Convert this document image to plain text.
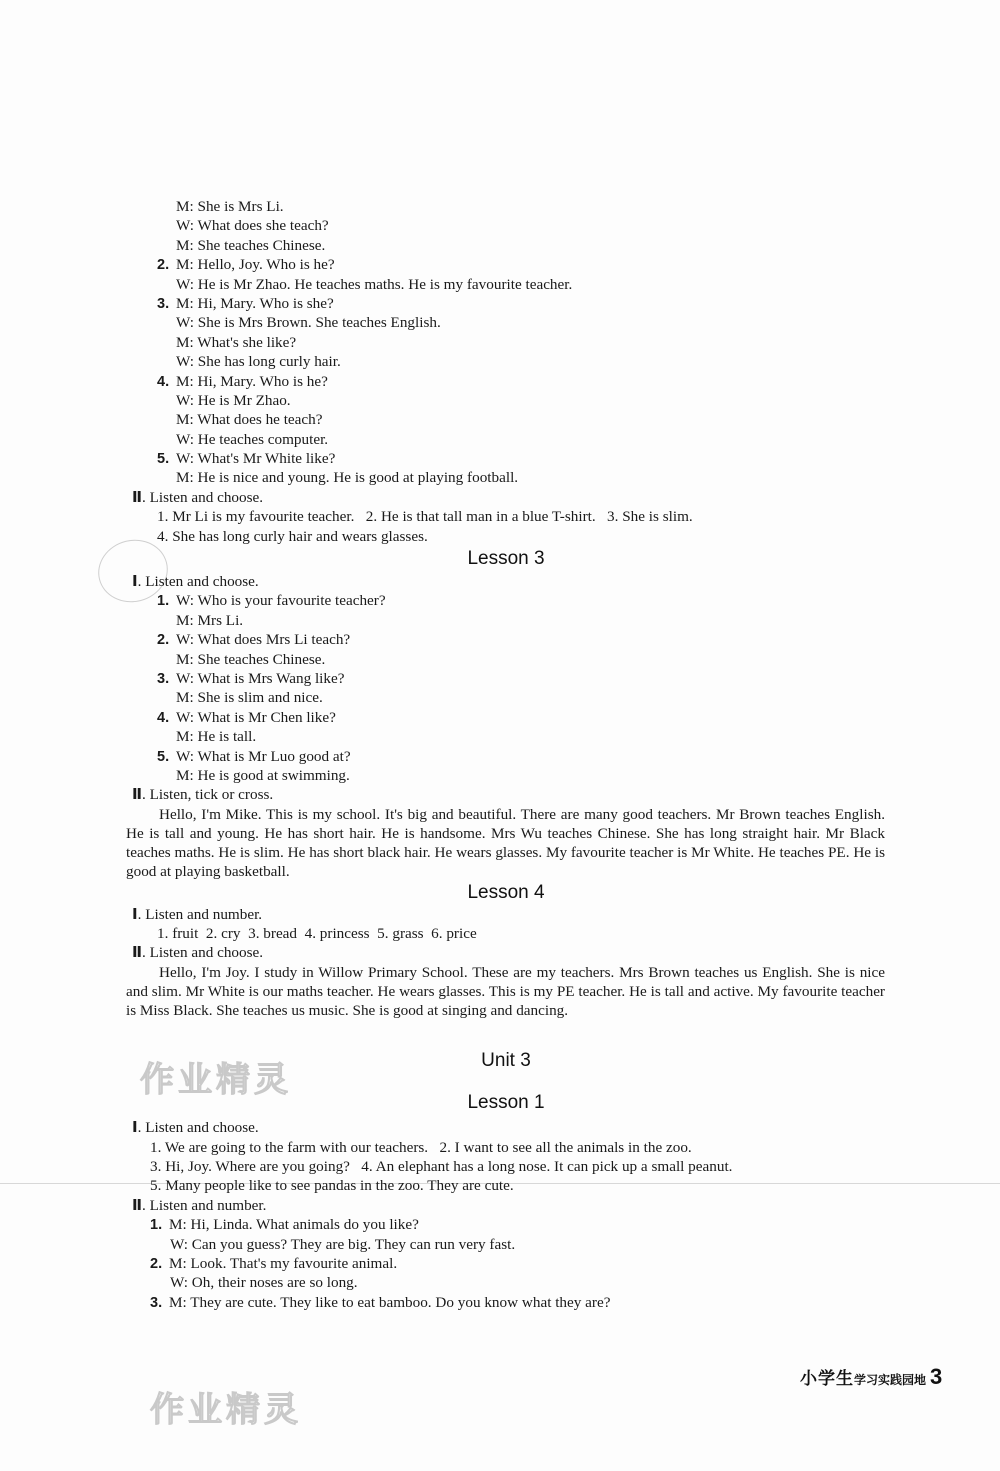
作业精灵
作业精灵
M: She is Mrs Li.
W: What does she teach?
M: She teaches Chinese.
2. M: Hello, Joy. Who is he?
W: He is Mr Zhao. He teaches maths. He is my favourite teacher.
3. M: Hi, Mary. Who is she?
W: She is Mrs Brown. She teaches English.
M: What's she like?
W: She has long curly hair.
4. M: Hi, Mary. Who is he?
W: He is Mr Zhao.
M: What does he teach?
W: He teaches computer.
5. W: What's Mr White like?
M: He is nice and young. He is good at playing football.
Ⅱ. Listen and choose.
1. Mr Li is my favourite teacher.   2. He is that tall man in a blue T-shirt.   3. She is slim.
4. She has long curly hair and wears glasses.
Lesson 3
Ⅰ. Listen and choose.
1. W: Who is your favourite teacher?
M: Mrs Li.
2. W: What does Mrs Li teach?
M: She teaches Chinese.
3. W: What is Mrs Wang like?
M: She is slim and nice.
4. W: What is Mr Chen like?
M: He is tall.
5. W: What is Mr Luo good at?
M: He is good at swimming.
Ⅱ. Listen, tick or cross.
Hello, I'm Mike. This is my school. It's big and beautiful. There are many good teachers. Mr Brown teaches English. He is tall and young. He has short hair. He is handsome. Mrs Wu teaches Chinese. She has long straight hair. Mr Black teaches maths. He is slim. He has short black hair. He wears glasses. My favourite teacher is Mr White. He teaches PE. He is good at playing basketball.
Lesson 4
Ⅰ. Listen and number.
1. fruit  2. cry  3. bread  4. princess  5. grass  6. price
Ⅱ. Listen and choose.
Hello, I'm Joy. I study in Willow Primary School. These are my teachers. Mrs Brown teaches us English. She is nice and slim. Mr White is our maths teacher. He wears glasses. This is my PE teacher. He is tall and active. My favourite teacher is Miss Black. She teaches us music. She is good at singing and dancing.
Unit 3
Lesson 1
Ⅰ. Listen and choose.
1. We are going to the farm with our teachers.   2. I want to see all the animals in the zoo.
3. Hi, Joy. Where are you going?   4. An elephant has a long nose. It can pick up a small peanut.
5. Many people like to see pandas in the zoo. They are cute.
Ⅱ. Listen and number.
1. M: Hi, Linda. What animals do you like?
W: Can you guess? They are big. They can run very fast.
2. M: Look. That's my favourite animal.
W: Oh, their noses are so long.
3. M: They are cute. They like to eat bamboo. Do you know what they are?
小学生学习实践园地 3
